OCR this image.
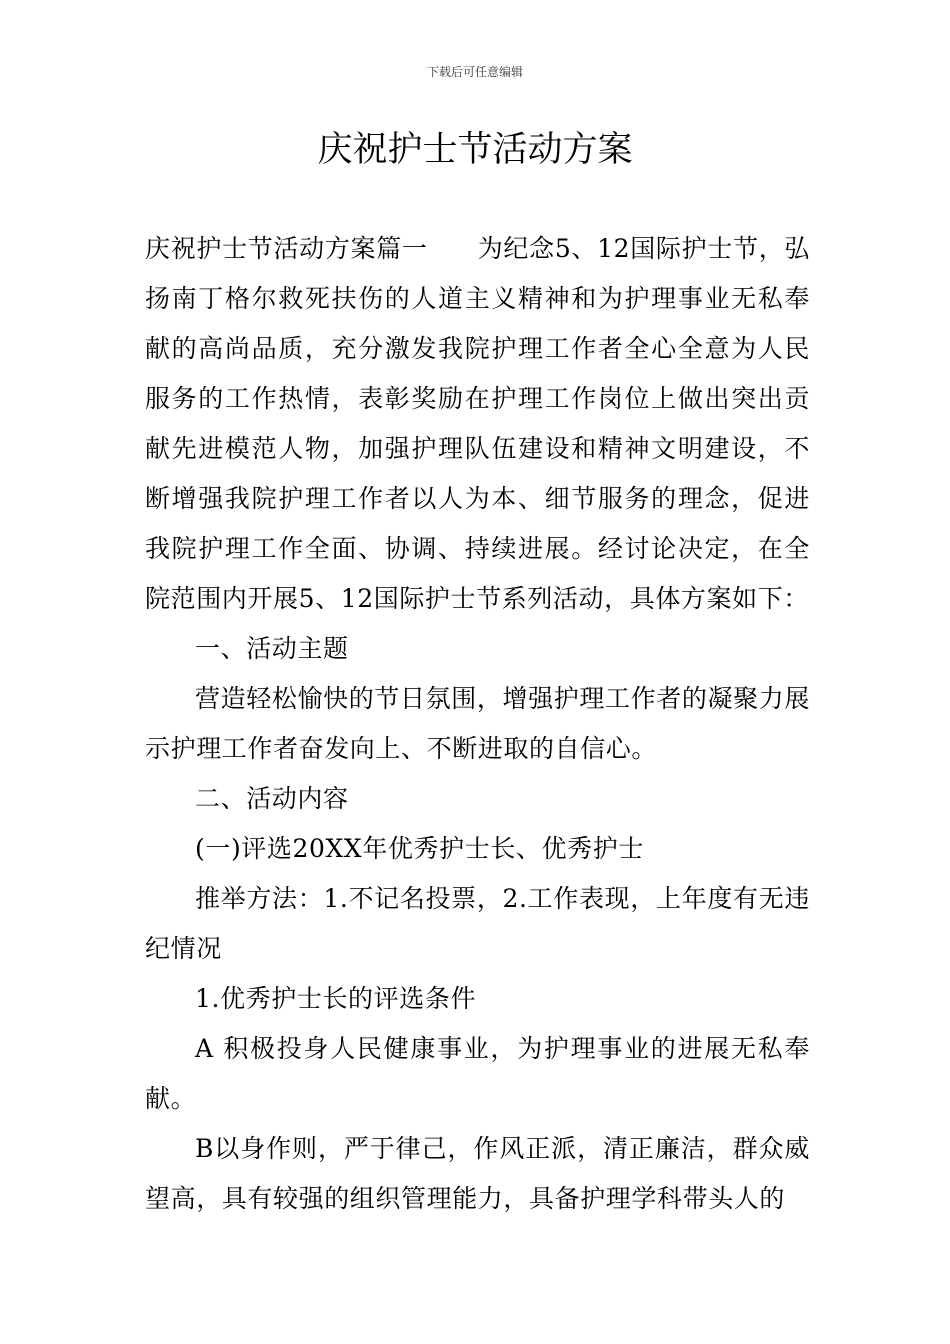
下载后可任意编辑
庆祝护士节活动方案

庆祝护士节活动方案篇一 为纪念5、12国际护士节，弘扬南丁格尔救死扶伤的人道主义精神和为护理事业无私奉献的高尚品质，充分激发我院护理工作者全心全意为人民服务的工作热情，表彰奖励在护理工作岗位上做出突出贡献先进模范人物，加强护理队伍建设和精神文明建设，不断增强我院护理工作者以人为本、细节服务的理念，促进我院护理工作全面、协调、持续进展。经讨论决定，在全院范围内开展5、12国际护士节系列活动，具体方案如下：

一、活动主题

营造轻松愉快的节日氛围，增强护理工作者的凝聚力展示护理工作者奋发向上、不断进取的自信心。

二、活动内容

(一)评选20XX年优秀护士长、优秀护士

推举方法：1.不记名投票，2.工作表现，上年度有无违纪情况

1.优秀护士长的评选条件

A 积极投身人民健康事业，为护理事业的进展无私奉献。

B以身作则，严于律己，作风正派，清正廉洁，群众威望高，具有较强的组织管理能力，具备护理学科带头人的
